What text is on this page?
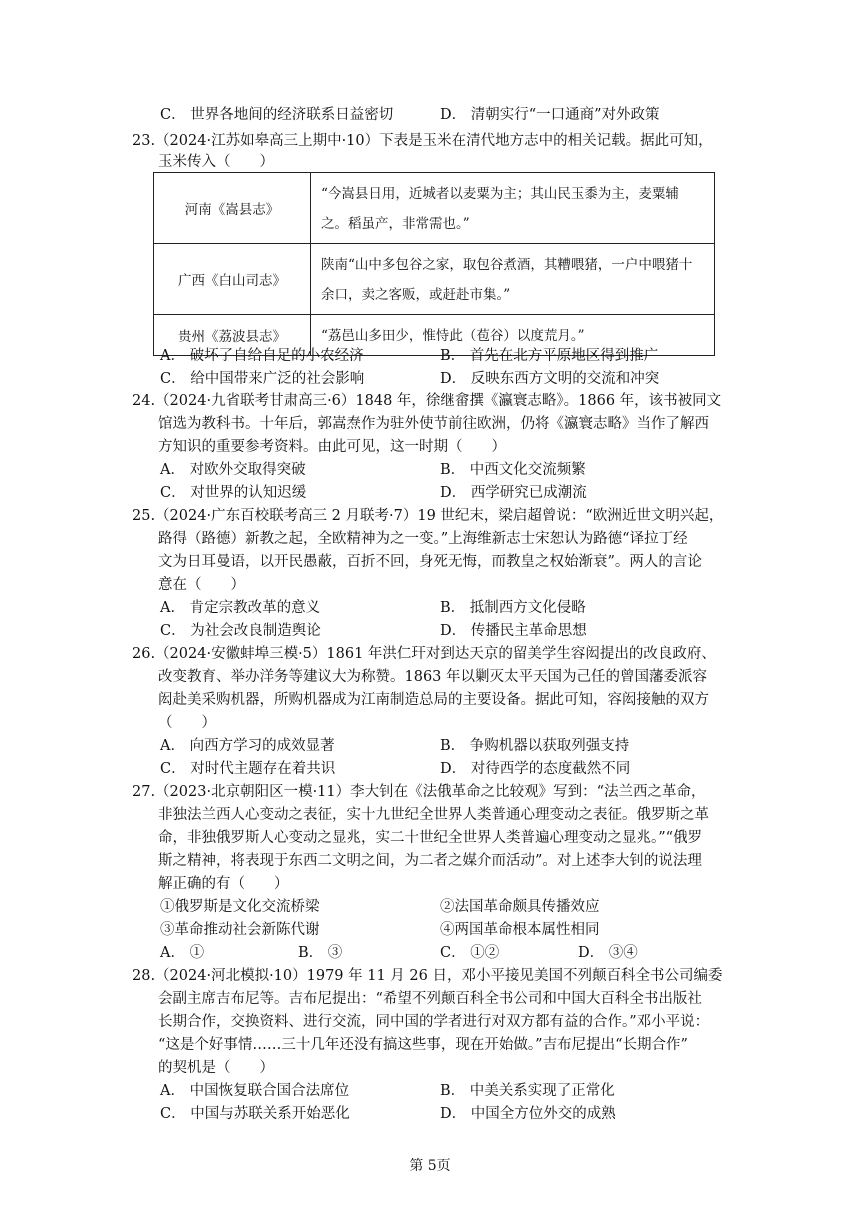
C． 世界各地间的经济联系日益密切	D． 清朝实行“一口通商”对外政策
23.（2024·江苏如皋高三上期中·10）下表是玉米在清代地方志中的相关记载。据此可知，
玉米传入（　　）
河南《嵩县志》	“今嵩县日用，近城者以麦粟为主；其山民玉黍为主，麦粟辅之。稻虽产，非常需也。”
广西《白山司志》	陕南“山中多包谷之家，取包谷煮酒，其糟喂猪，一户中喂猪十余口，卖之客贩，或赶赴市集。”
贵州《荔波县志》	“荔邑山多田少，惟恃此（苞谷）以度荒月。”
A． 破坏了自给自足的小农经济	B． 首先在北方平原地区得到推广
C． 给中国带来广泛的社会影响	D． 反映东西方文明的交流和冲突
24.（2024·九省联考甘肃高三·6）1848 年，徐继畲撰《瀛寰志略》。1866 年，该书被同文
馆选为教科书。十年后，郭嵩焘作为驻外使节前往欧洲，仍将《瀛寰志略》当作了解西
方知识的重要参考资料。由此可见，这一时期（　　）
A． 对欧外交取得突破	B． 中西文化交流频繁
C． 对世界的认知迟缓	D． 西学研究已成潮流
25.（2024·广东百校联考高三 2 月联考·7）19 世纪末，梁启超曾说：“欧洲近世文明兴起，
路得（路德）新教之起，全欧精神为之一变。”上海维新志士宋恕认为路德“译拉丁经
文为日耳曼语，以开民愚蔽，百折不回，身死无悔，而教皇之权始渐衰”。两人的言论
意在（　　）
A． 肯定宗教改革的意义	B． 抵制西方文化侵略
C． 为社会改良制造舆论	D． 传播民主革命思想
26.（2024·安徽蚌埠三模·5）1861 年洪仁玕对到达天京的留美学生容闳提出的改良政府、
改变教育、举办洋务等建议大为称赞。1863 年以剿灭太平天国为己任的曾国藩委派容
闳赴美采购机器，所购机器成为江南制造总局的主要设备。据此可知，容闳接触的双方
（　　）
A． 向西方学习的成效显著	B． 争购机器以获取列强支持
C． 对时代主题存在着共识	D． 对待西学的态度截然不同
27.（2023·北京朝阳区一模·11）李大钊在《法俄革命之比较观》写到：“法兰西之革命，
非独法兰西人心变动之表征，实十九世纪全世界人类普通心理变动之表征。俄罗斯之革
命，非独俄罗斯人心变动之显兆，实二十世纪全世界人类普遍心理变动之显兆。”“俄罗
斯之精神，将表现于东西二文明之间，为二者之媒介而活动”。对上述李大钊的说法理
解正确的有（　　）
①俄罗斯是文化交流桥梁	②法国革命颇具传播效应
③革命推动社会新陈代谢	④两国革命根本属性相同
A． ①	B． ③	C． ①②	D． ③④
28.（2024·河北模拟·10）1979 年 11 月 26 日，邓小平接见美国不列颠百科全书公司编委
会副主席吉布尼等。吉布尼提出：“希望不列颠百科全书公司和中国大百科全书出版社
长期合作，交换资料、进行交流，同中国的学者进行对双方都有益的合作。”邓小平说：
“这是个好事情……三十几年还没有搞这些事，现在开始做。”吉布尼提出“长期合作”
的契机是（　　）
A． 中国恢复联合国合法席位	B． 中美关系实现了正常化
C． 中国与苏联关系开始恶化	D． 中国全方位外交的成熟
第 5页
